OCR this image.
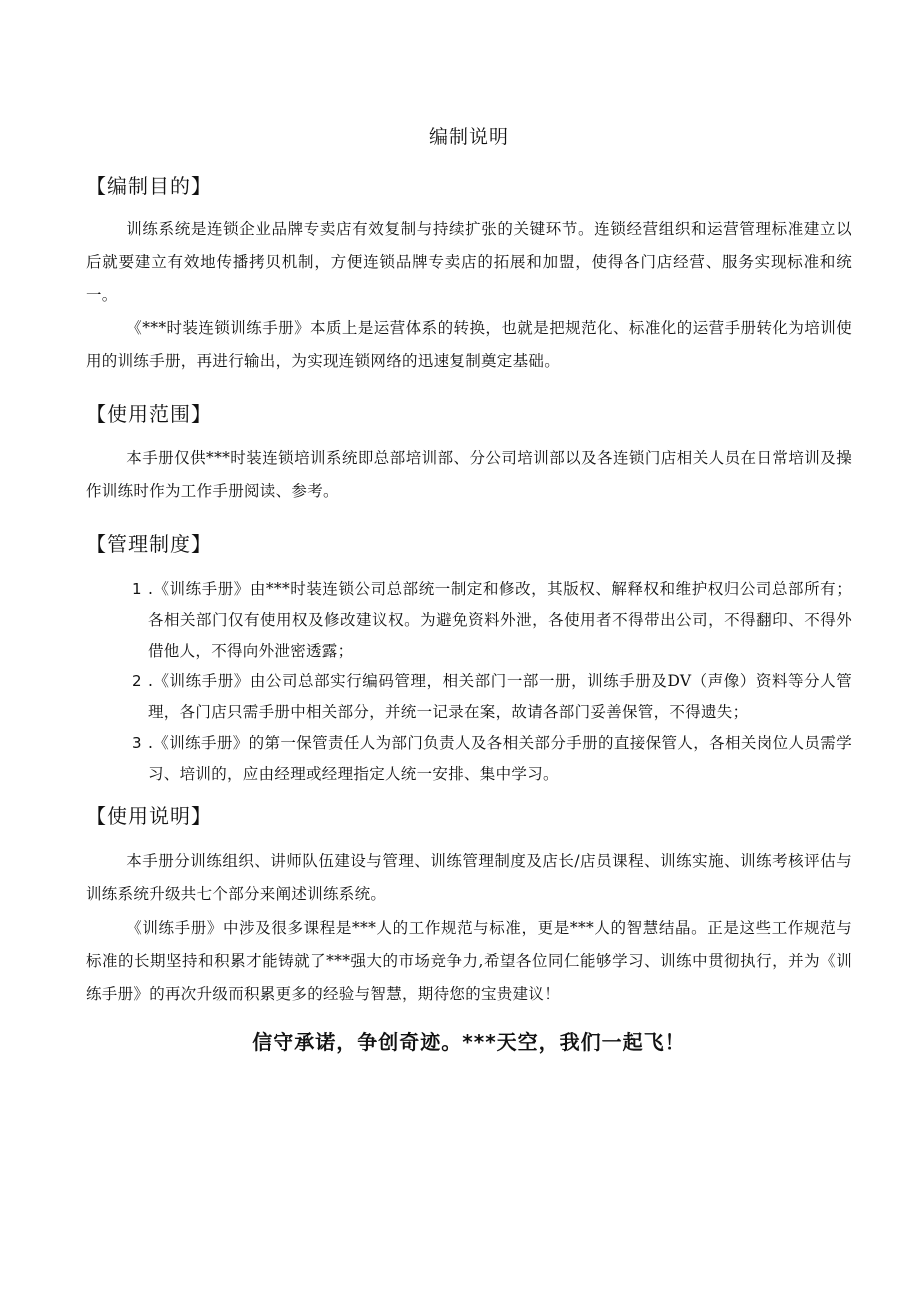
编制说明
【编制目的】
训练系统是连锁企业品牌专卖店有效复制与持续扩张的关键环节。连锁经营组织和运营管理标准建立以后就要建立有效地传播拷贝机制，方便连锁品牌专卖店的拓展和加盟，使得各门店经营、服务实现标准和统一。
《***时装连锁训练手册》本质上是运营体系的转换，也就是把规范化、标准化的运营手册转化为培训使用的训练手册，再进行输出，为实现连锁网络的迅速复制奠定基础。
【使用范围】
本手册仅供***时装连锁培训系统即总部培训部、分公司培训部以及各连锁门店相关人员在日常培训及操作训练时作为工作手册阅读、参考。
【管理制度】
1 .《训练手册》由***时装连锁公司总部统一制定和修改，其版权、解释权和维护权归公司总部所有；各相关部门仅有使用权及修改建议权。为避免资料外泄，各使用者不得带出公司，不得翻印、不得外借他人，不得向外泄密透露；
2 .《训练手册》由公司总部实行编码管理，相关部门一部一册，训练手册及DV（声像）资料等分人管理，各门店只需手册中相关部分，并统一记录在案，故请各部门妥善保管，不得遗失；
3 .《训练手册》的第一保管责任人为部门负责人及各相关部分手册的直接保管人，各相关岗位人员需学习、培训的，应由经理或经理指定人统一安排、集中学习。
【使用说明】
本手册分训练组织、讲师队伍建设与管理、训练管理制度及店长/店员课程、训练实施、训练考核评估与训练系统升级共七个部分来阐述训练系统。
《训练手册》中涉及很多课程是***人的工作规范与标准，更是***人的智慧结晶。正是这些工作规范与标准的长期坚持和积累才能铸就了***强大的市场竞争力,希望各位同仁能够学习、训练中贯彻执行，并为《训练手册》的再次升级而积累更多的经验与智慧，期待您的宝贵建议！
信守承诺，争创奇迹。***天空，我们一起飞！
